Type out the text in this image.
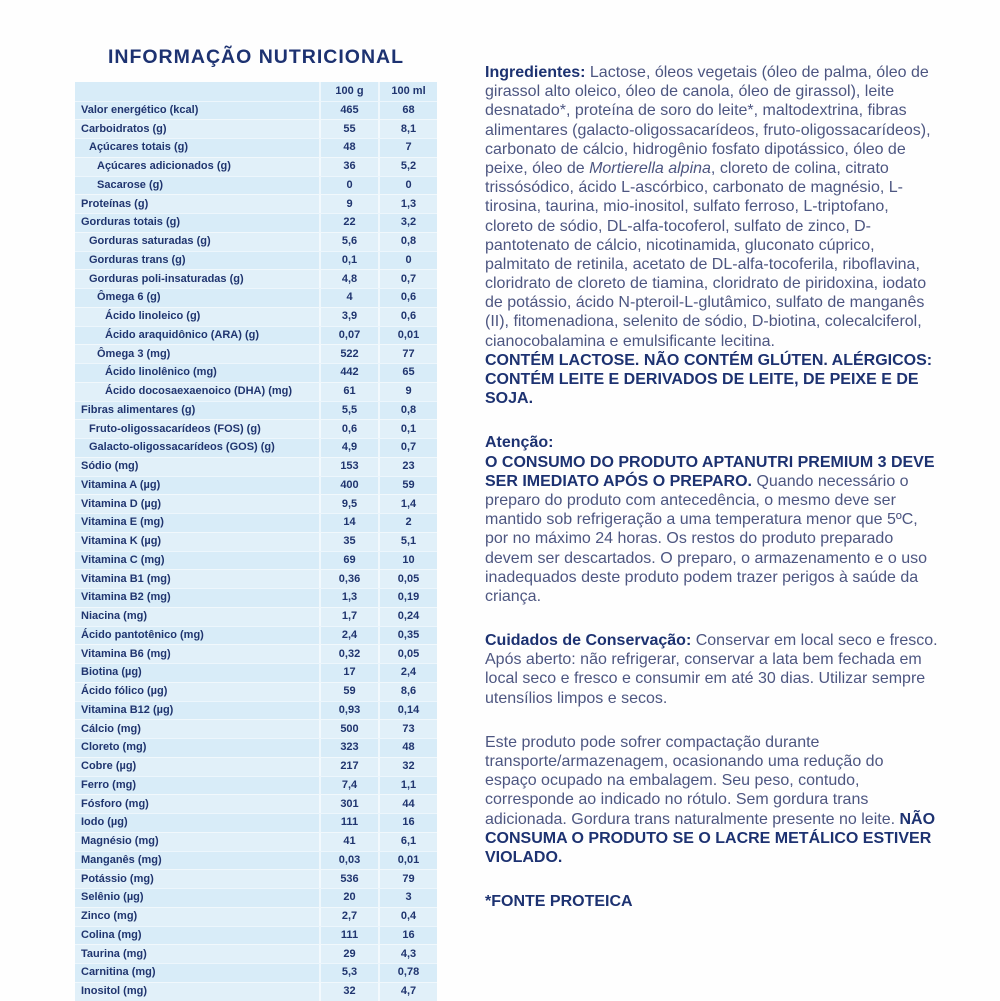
INFORMAÇÃO NUTRICIONAL
100 g	100 ml
Valor energético (kcal)	465	68
Carboidratos (g)	55	8,1
Açúcares totais (g)	48	7
Açúcares adicionados (g)	36	5,2
Sacarose (g)	0	0
Proteínas (g)	9	1,3
Gorduras totais (g)	22	3,2
Gorduras saturadas (g)	5,6	0,8
Gorduras trans (g)	0,1	0
Gorduras poli-insaturadas (g)	4,8	0,7
Ômega 6 (g)	4	0,6
Ácido linoleico (g)	3,9	0,6
Ácido araquidônico (ARA) (g)	0,07	0,01
Ômega 3 (mg)	522	77
Ácido linolênico (mg)	442	65
Ácido docosaexaenoico (DHA) (mg)	61	9
Fibras alimentares (g)	5,5	0,8
Fruto-oligossacarídeos (FOS) (g)	0,6	0,1
Galacto-oligossacarídeos (GOS) (g)	4,9	0,7
Sódio (mg)	153	23
Vitamina A (µg)	400	59
Vitamina D (µg)	9,5	1,4
Vitamina E (mg)	14	2
Vitamina K (µg)	35	5,1
Vitamina C (mg)	69	10
Vitamina B1 (mg)	0,36	0,05
Vitamina B2 (mg)	1,3	0,19
Niacina (mg)	1,7	0,24
Ácido pantotênico (mg)	2,4	0,35
Vitamina B6 (mg)	0,32	0,05
Biotina (µg)	17	2,4
Ácido fólico (µg)	59	8,6
Vitamina B12 (µg)	0,93	0,14
Cálcio (mg)	500	73
Cloreto (mg)	323	48
Cobre (µg)	217	32
Ferro (mg)	7,4	1,1
Fósforo (mg)	301	44
Iodo (µg)	111	16
Magnésio (mg)	41	6,1
Manganês (mg)	0,03	0,01
Potássio (mg)	536	79
Selênio (µg)	20	3
Zinco (mg)	2,7	0,4
Colina (mg)	111	16
Taurina (mg)	29	4,3
Carnitina (mg)	5,3	0,78
Inositol (mg)	32	4,7

Ingredientes: Lactose, óleos vegetais (óleo de palma, óleo de girassol alto oleico, óleo de canola, óleo de girassol), leite desnatado*, proteína de soro do leite*, maltodextrina, fibras alimentares (galacto-oligossacarídeos, fruto-oligossacarídeos), carbonato de cálcio, hidrogênio fosfato dipotássico, óleo de peixe, óleo de Mortierella alpina, cloreto de colina, citrato trissósódico, ácido L-ascórbico, carbonato de magnésio, L-tirosina, taurina, mio-inositol, sulfato ferroso, L-triptofano, cloreto de sódio, DL-alfa-tocoferol, sulfato de zinco, D-pantotenato de cálcio, nicotinamida, gluconato cúprico, palmitato de retinila, acetato de DL-alfa-tocoferila, riboflavina, cloridrato de cloreto de tiamina, cloridrato de piridoxina, iodato de potássio, ácido N-pteroil-L-glutâmico, sulfato de manganês (II), fitomenadiona, selenito de sódio, D-biotina, colecalciferol, cianocobalamina e emulsificante lecitina.

CONTÉM LACTOSE. NÃO CONTÉM GLÚTEN. ALÉRGICOS: CONTÉM LEITE E DERIVADOS DE LEITE, DE PEIXE E DE SOJA.

Atenção:

O CONSUMO DO PRODUTO APTANUTRI PREMIUM 3 DEVE SER IMEDIATO APÓS O PREPARO. Quando necessário o preparo do produto com antecedência, o mesmo deve ser mantido sob refrigeração a uma temperatura menor que 5ºC, por no máximo 24 horas. Os restos do produto preparado devem ser descartados. O preparo, o armazenamento e o uso inadequados deste produto podem trazer perigos à saúde da criança.

Cuidados de Conservação: Conservar em local seco e fresco. Após aberto: não refrigerar, conservar a lata bem fechada em local seco e fresco e consumir em até 30 dias. Utilizar sempre utensílios limpos e secos.

Este produto pode sofrer compactação durante transporte/armazenagem, ocasionando uma redução do espaço ocupado na embalagem. Seu peso, contudo, corresponde ao indicado no rótulo. Sem gordura trans adicionada. Gordura trans naturalmente presente no leite. NÃO CONSUMA O PRODUTO SE O LACRE METÁLICO ESTIVER VIOLADO.

*FONTE PROTEICA
